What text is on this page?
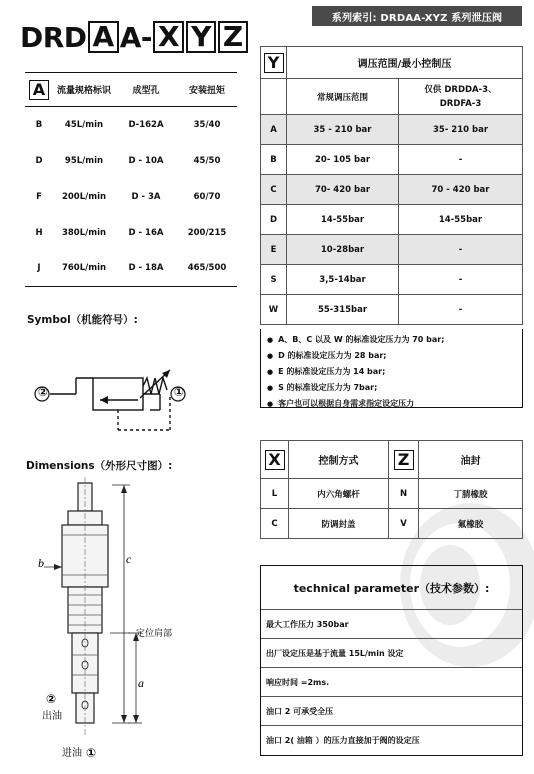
系列索引: DRDAA-XYZ 系列泄压阀
DRD A A- X Y Z
A	流量规格标识	成型孔	安装扭矩
B	45L/min	D-162A	35/40
D	95L/min	D - 10A	45/50
F	200L/min	D - 3A	60/70
H	380L/min	D - 16A	200/215
J	760L/min	D - 18A	465/500
Symbol（机能符号）:
Dimensions（外形尺寸图）:
b	c
a
定位肩部
②
出油
进油 ①
Y	调压范围/最小控制压	
	常规调压范围	仅供 DRDDA-3、
DRDFA-3
A	35 - 210 bar	35- 210 bar
B	20- 105 bar	-
C	70- 420 bar	70 - 420 bar
D	14-55bar	14-55bar
E	10-28bar	-
S	3,5-14bar	-
W	55-315bar	-
● A、B、C 以及 W 的标准设定压力为 70 bar;
● D 的标准设定压力为 28 bar;
● E 的标准设定压力为 14 bar;
● S 的标准设定压力为 7bar;
● 客户也可以根据自身需求指定设定压力
X	控制方式	Z	油封
L	内六角螺杆	N	丁腈橡胶
C	防调封盖	V	氟橡胶
technical parameter（技术参数）:
最大工作压力 350bar
出厂设定压是基于流量 15L/min 设定
响应时间 =2ms.
油口 2 可承受全压
油口 2( 油箱 ）的压力直接加于阀的设定压
②	①
